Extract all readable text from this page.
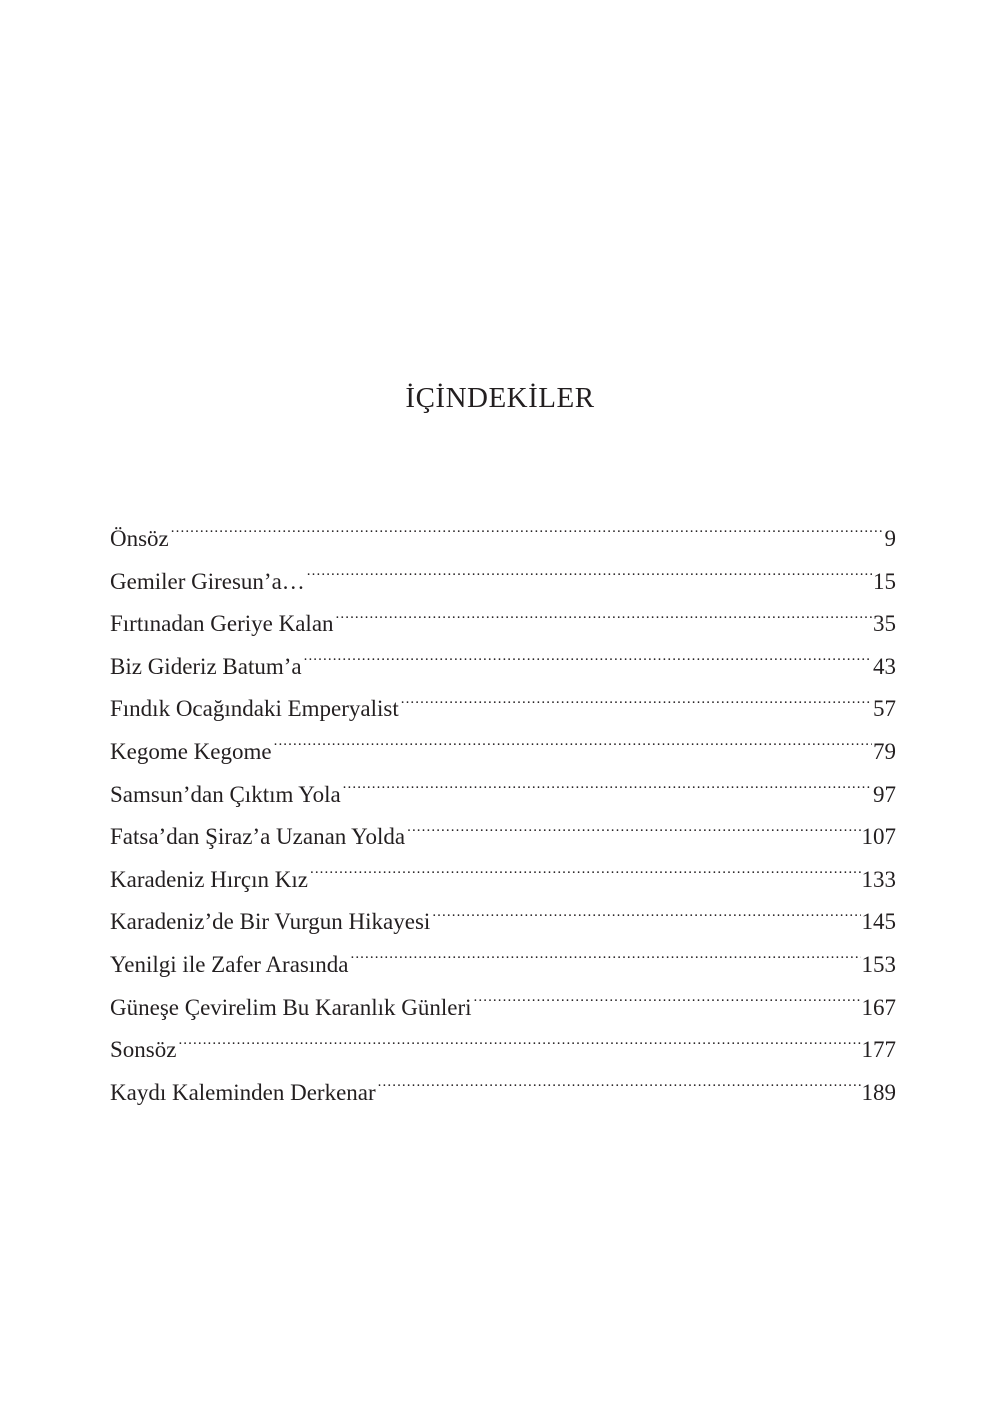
İÇİNDEKİLER
Önsöz .....	9
Gemiler Giresun’a… .....	15
Fırtınadan Geriye Kalan .....	35
Biz Gideriz Batum’a .....	43
Fındık Ocağındaki Emperyalist .....	57
Kegome Kegome .....	79
Samsun’dan Çıktım Yola .....	97
Fatsa’dan Şiraz’a Uzanan Yolda .....	107
Karadeniz Hırçın Kız .....	133
Karadeniz’de Bir Vurgun Hikayesi .....	145
Yenilgi ile Zafer Arasında .....	153
Güneşe Çevirelim Bu Karanlık Günleri .....	167
Sonsöz .....	177
Kaydı Kaleminden Derkenar .....	189
